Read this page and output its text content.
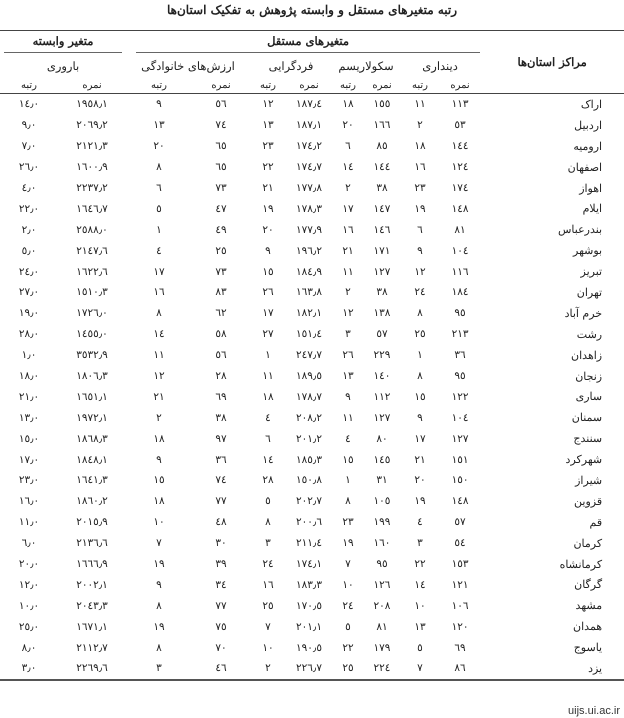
رتبه متغیرهای مستقل و وابسته پژوهش به تفکیک استان‌ها
متغیر وابسته		متغیرهای مستقل								مراکز استان‌ها
باروری		ارزش‌های خانوادگی		فردگرایی		سکولاریسم		دینداری		
رتبه	نمره	رتبه	نمره	رتبه	نمره	رتبه	نمره	رتبه	نمره	
١٤٫٠	١٩٥٨٫١	٩	٥٦	١٢	١٨٧٫٤	١٨	١٥٥	١١	١١٣	اراک
٩٫٠	٢٠٦٩٫٢	١٣	٧٤	١٣	١٨٧٫١	٢٠	١٦٦	٢	٥٣	اردبیل
٧٫٠	٢١٢١٫٣	٢٠	٦٥	٢٣	١٧٤٫٢	٦	٨٥	١٨	١٤٤	ارومیه
٢٦٫٠	١٦٠٠٫٩	٨	٦٥	٢٢	١٧٤٫٧	١٤	١٤٤	١٦	١٢٤	اصفهان
٤٫٠	٢٢٣٧٫٢	٦	٧٣	٢١	١٧٧٫٨	٢	٣٨	٢٣	١٧٤	اهواز
٢٢٫٠	١٦٤٦٫٧	٥	٤٧	١٩	١٧٨٫٣	١٧	١٤٧	١٩	١٤٨	ایلام
٢٫٠	٢٥٨٨٫٠	١	٤٩	٢٠	١٧٧٫٩	١٦	١٤٦	٦	٨١	بندرعباس
٥٫٠	٢١٤٧٫٦	٤	٢٥	٩	١٩٦٫٢	٢١	١٧١	٩	١٠٤	بوشهر
٢٤٫٠	١٦٢٢٫٦	١٧	٧٣	١٥	١٨٤٫٩	١١	١٢٧	١٢	١١٦	تبریز
٢٧٫٠	١٥١٠٫٣	١٦	٨٣	٢٦	١٦٣٫٨	٢	٣٨	٢٤	١٨٤	تهران
١٩٫٠	١٧٢٦٫٠	٨	٦٢	١٧	١٨٢٫١	١٢	١٣٨	٨	٩٥	خرم آباد
٢٨٫٠	١٤٥٥٫٠	١٤	٥٨	٢٧	١٥١٫٤	٣	٥٧	٢٥	٢١٣	رشت
١٫٠	٣٥٣٢٫٩	١١	٥٦	١	٢٤٧٫٧	٢٦	٢٢٩	١	٣٦	زاهدان
١٨٫٠	١٨٠٦٫٣	١٢	٢٨	١١	١٨٩٫٥	١٣	١٤٠	٨	٩٥	زنجان
٢١٫٠	١٦٥١٫١	٢١	٦٩	١٨	١٧٨٫٧	٩	١١٢	١٥	١٢٢	ساری
١٣٫٠	١٩٧٢٫١	٢	٣٨	٤	٢٠٨٫٢	١١	١٢٧	٩	١٠٤	سمنان
١٥٫٠	١٨٦٨٫٣	١٨	٩٧	٦	٢٠١٫٢	٤	٨٠	١٧	١٢٧	سنندج
١٧٫٠	١٨٤٨٫١	٩	٣٦	١٤	١٨٥٫٣	١٥	١٤٥	٢١	١٥١	شهرکرد
٢٣٫٠	١٦٤١٫٣	١٥	٧٤	٢٨	١٥٠٫٨	١	٣١	٢٠	١٥٠	شیراز
١٦٫٠	١٨٦٠٫٢	١٨	٧٧	٥	٢٠٢٫٧	٨	١٠٥	١٩	١٤٨	قزوین
١١٫٠	٢٠١٥٫٩	١٠	٤٨	٨	٢٠٠٫٦	٢٣	١٩٩	٤	٥٧	قم
٦٫٠	٢١٣٦٫٦	٧	٣٠	٣	٢١١٫٤	١٩	١٦٠	٣	٥٤	کرمان
٢٠٫٠	١٦٦٦٫٩	١٩	٣٩	٢٤	١٧٤٫١	٧	٩٥	٢٢	١٥٣	کرمانشاه
١٢٫٠	٢٠٠٢٫١	٩	٣٤	١٦	١٨٣٫٣	١٠	١٢٦	١٤	١٢١	گرگان
١٠٫٠	٢٠٤٣٫٣	٨	٧٧	٢٥	١٧٠٫٥	٢٤	٢٠٨	١٠	١٠٦	مشهد
٢٥٫٠	١٦٧١٫١	١٩	٧٥	٧	٢٠١٫١	٥	٨١	١٣	١٢٠	همدان
٨٫٠	٢١١٢٫٧	٨	٧٠	١٠	١٩٠٫٥	٢٢	١٧٩	٥	٦٩	یاسوج
٣٫٠	٢٢٦٩٫٦	٣	٤٦	٢	٢٢٦٫٧	٢٥	٢٢٤	٧	٨٦	یزد
uijs.ui.ac.ir
